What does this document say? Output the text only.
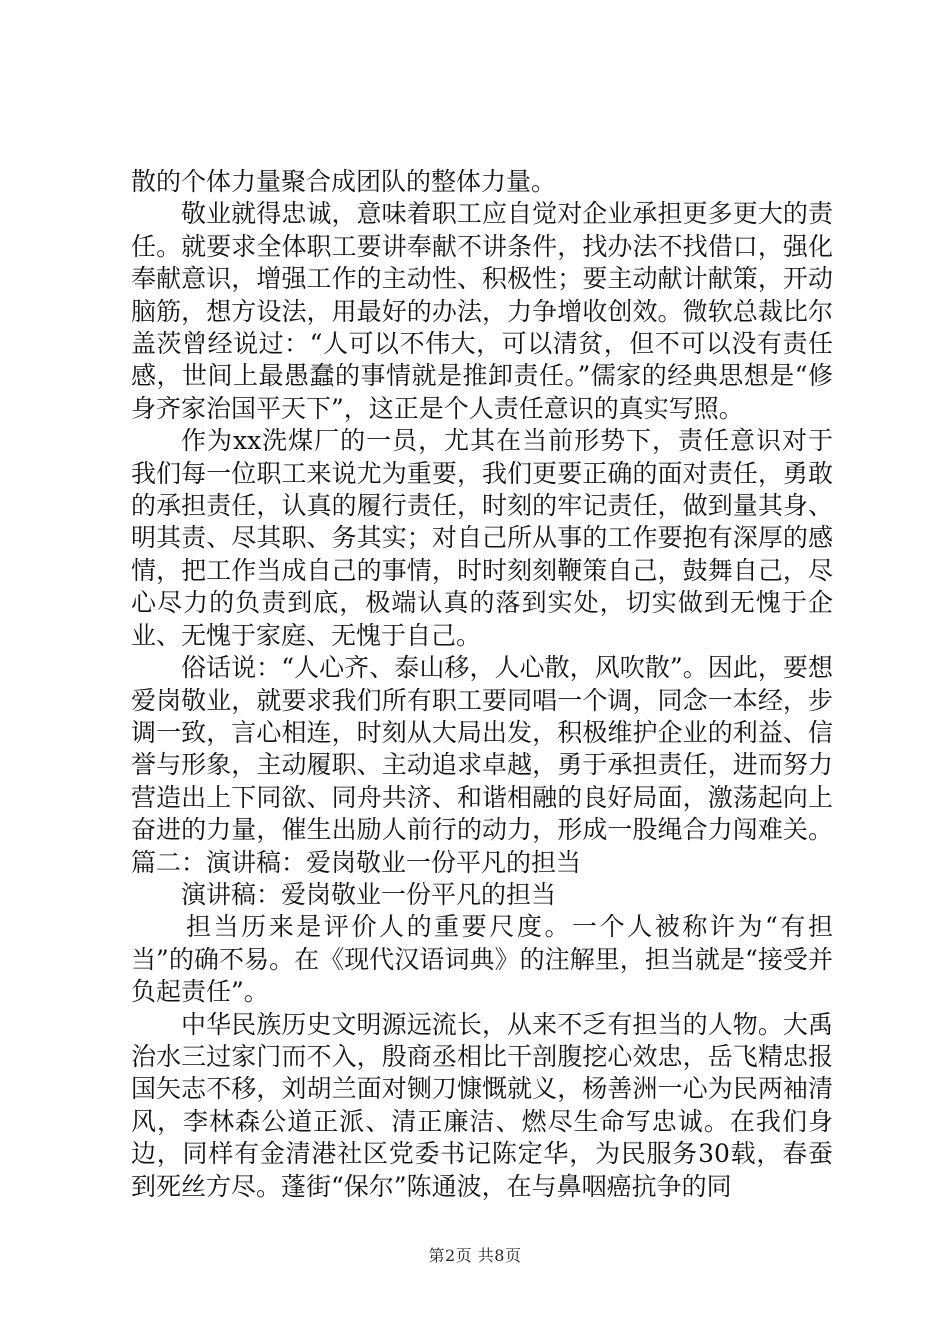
散的个体力量聚合成团队的整体力量。

敬业就得忠诚，意味着职工应自觉对企业承担更多更大的责任。就要求全体职工要讲奉献不讲条件，找办法不找借口，强化奉献意识，增强工作的主动性、积极性；要主动献计献策，开动脑筋，想方设法，用最好的办法，力争增收创效。微软总裁比尔盖茨曾经说过：“人可以不伟大，可以清贫，但不可以没有责任感，世间上最愚蠢的事情就是推卸责任。”儒家的经典思想是“修身齐家治国平天下”，这正是个人责任意识的真实写照。

作为xx洗煤厂的一员，尤其在当前形势下，责任意识对于我们每一位职工来说尤为重要，我们更要正确的面对责任，勇敢的承担责任，认真的履行责任，时刻的牢记责任，做到量其身、明其责、尽其职、务其实；对自己所从事的工作要抱有深厚的感情，把工作当成自己的事情，时时刻刻鞭策自己，鼓舞自己，尽心尽力的负责到底，极端认真的落到实处，切实做到无愧于企业、无愧于家庭、无愧于自己。

俗话说：“人心齐、泰山移，人心散，风吹散”。因此，要想爱岗敬业，就要求我们所有职工要同唱一个调，同念一本经，步调一致，言心相连，时刻从大局出发，积极维护企业的利益、信誉与形象，主动履职、主动追求卓越，勇于承担责任，进而努力营造出上下同欲、同舟共济、和谐相融的良好局面，激荡起向上奋进的力量，催生出励人前行的动力，形成一股绳合力闯难关。篇二：演讲稿：爱岗敬业一份平凡的担当

演讲稿：爱岗敬业一份平凡的担当

担当历来是评价人的重要尺度。一个人被称许为“有担当”的确不易。在《现代汉语词典》的注解里，担当就是“接受并负起责任”。

中华民族历史文明源远流长，从来不乏有担当的人物。大禹治水三过家门而不入，殷商丞相比干剖腹挖心效忠，岳飞精忠报国矢志不移，刘胡兰面对铡刀慷慨就义，杨善洲一心为民两袖清风，李林森公道正派、清正廉洁、燃尽生命写忠诚。在我们身边，同样有金清港社区党委书记陈定华，为民服务30载，春蚕到死丝方尽。蓬街“保尔”陈通波，在与鼻咽癌抗争的同

第2页 共8页
